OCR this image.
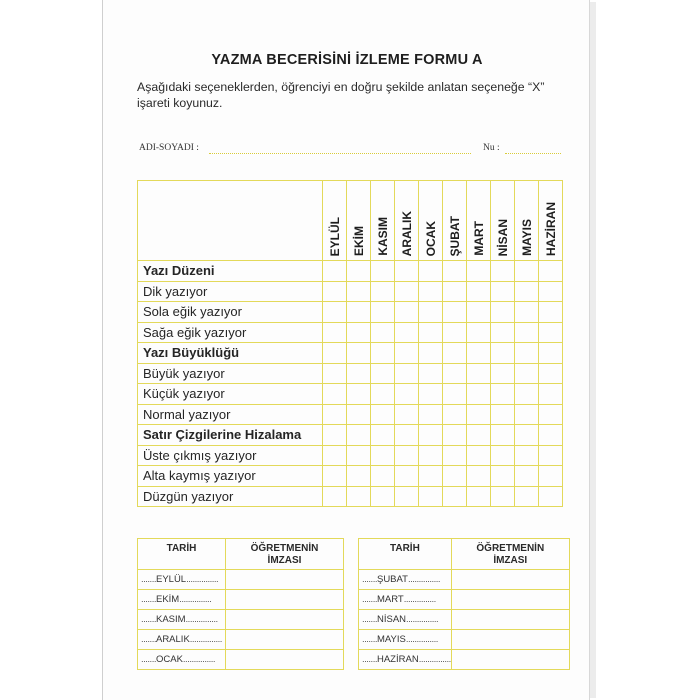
YAZMA BECERİSİNİ İZLEME FORMU A
Aşağıdaki seçeneklerden, öğrenciyi en doğru şekilde anlatan seçeneğe “X” işareti koyunuz.
ADI-SOYADI :	Nu :

	EYLÜL	EKİM	KASIM	ARALIK	OCAK	ŞUBAT	MART	NİSAN	MAYIS	HAZİRAN

Yazı Düzeni										
Dik yazıyor										
Sola eğik yazıyor										
Sağa eğik yazıyor										
Yazı Büyüklüğü										
Büyük yazıyor										
Küçük yazıyor										
Normal yazıyor										
Satır Çizgilerine Hizalama										
Üste çıkmış yazıyor										
Alta kaymış yazıyor										
Düzgün yazıyor										
TARİH	ÖĞRETMENİN
İMZASI
.......EYLÜL...............	
.......EKİM...............	
.......KASIM...............	
.......ARALIK...............	
.......OCAK...............	
TARİH	ÖĞRETMENİN
İMZASI
.......ŞUBAT...............	
.......MART...............	
.......NİSAN...............	
.......MAYIS...............	
.......HAZİRAN...............	
